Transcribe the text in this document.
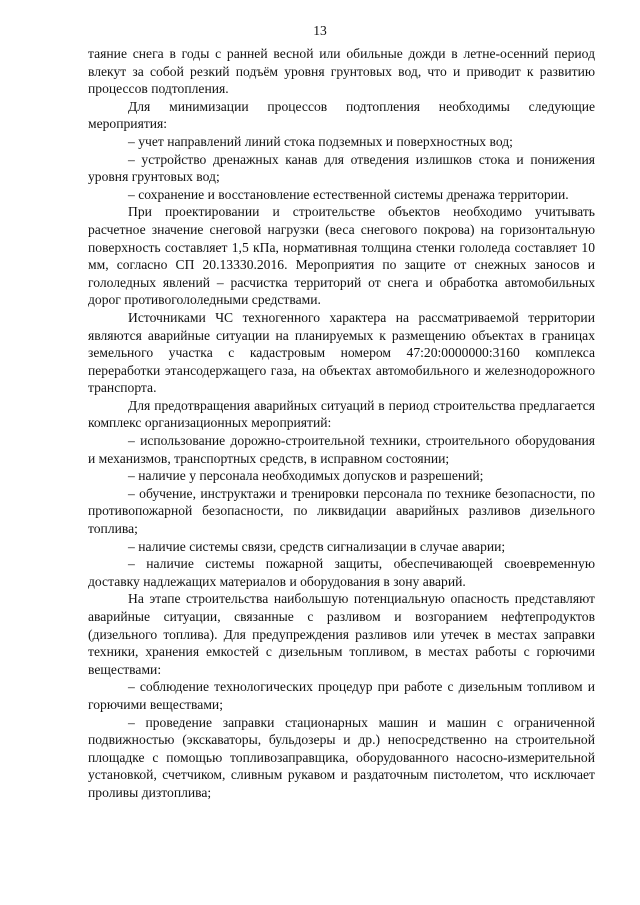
13

таяние снега в годы с ранней весной или обильные дожди в летне-осенний период влекут за собой резкий подъём уровня грунтовых вод, что и приводит к развитию процессов подтопления.

Для минимизации процессов подтопления необходимы следующие мероприятия:

– учет направлений линий стока подземных и поверхностных вод;

– устройство дренажных канав для отведения излишков стока и понижения уровня грунтовых вод;

– сохранение и восстановление естественной системы дренажа территории.

При проектировании и строительстве объектов необходимо учитывать расчетное значение снеговой нагрузки (веса снегового покрова) на горизонтальную поверхность составляет 1,5 кПа, нормативная толщина стенки гололеда составляет 10 мм, согласно СП 20.13330.2016. Мероприятия по защите от снежных заносов и гололедных явлений – расчистка территорий от снега и обработка автомобильных дорог противогололедными средствами.

Источниками ЧС техногенного характера на рассматриваемой территории являются аварийные ситуации на планируемых к размещению объектах в границах земельного участка с кадастровым номером 47:20:0000000:3160 комплекса переработки этансодержащего газа, на объектах автомобильного и железнодорожного транспорта.

Для предотвращения аварийных ситуаций в период строительства предлагается комплекс организационных мероприятий:

– использование дорожно-строительной техники, строительного оборудования и механизмов, транспортных средств, в исправном состоянии;

– наличие у персонала необходимых допусков и разрешений;

– обучение, инструктажи и тренировки персонала по технике безопасности, по противопожарной безопасности, по ликвидации аварийных разливов дизельного топлива;

– наличие системы связи, средств сигнализации в случае аварии;

– наличие системы пожарной защиты, обеспечивающей своевременную доставку надлежащих материалов и оборудования в зону аварий.

На этапе строительства наибольшую потенциальную опасность представляют аварийные ситуации, связанные с разливом и возгоранием нефтепродуктов (дизельного топлива). Для предупреждения разливов или утечек в местах заправки техники, хранения емкостей с дизельным топливом, в местах работы с горючими веществами:

– соблюдение технологических процедур при работе с дизельным топливом и горючими веществами;

– проведение заправки стационарных машин и машин с ограниченной подвижностью (экскаваторы, бульдозеры и др.) непосредственно на строительной площадке с помощью топливозаправщика, оборудованного насосно-измерительной установкой, счетчиком, сливным рукавом и раздаточным пистолетом, что исключает проливы дизтоплива;
